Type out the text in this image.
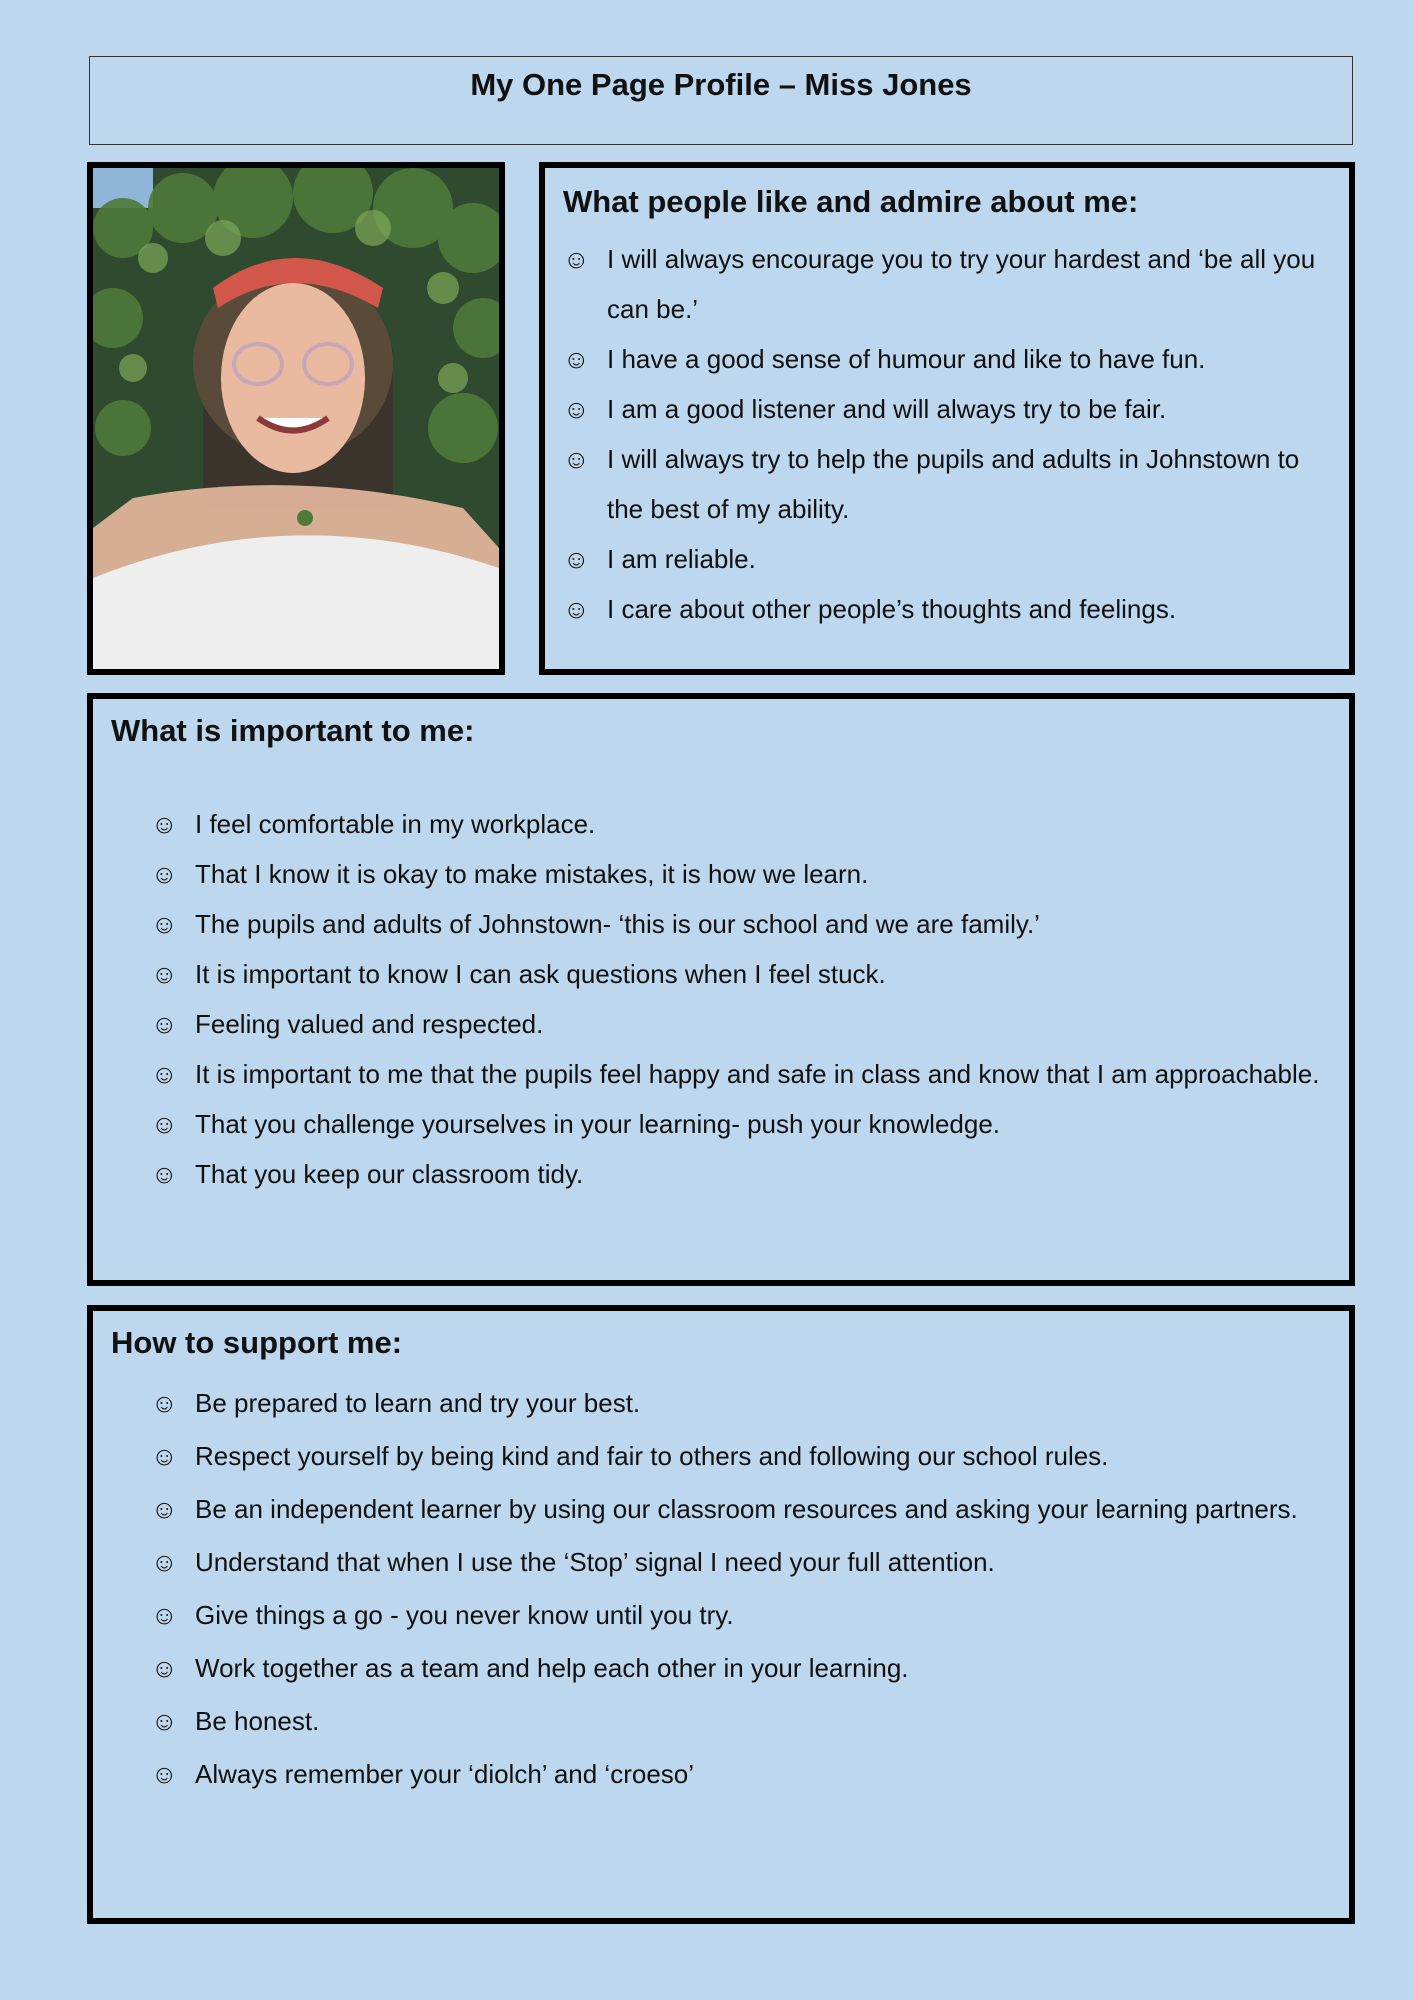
My One Page Profile – Miss Jones
What people like and admire about me:
☺ I will always encourage you to try your hardest and ‘be all you can be.’
☺ I have a good sense of humour and like to have fun.
☺ I am a good listener and will always try to be fair.
☺ I will always try to help the pupils and adults in Johnstown to the best of my ability.
☺ I am reliable.
☺ I care about other people’s thoughts and feelings.
What is important to me:
☺ I feel comfortable in my workplace.
☺ That I know it is okay to make mistakes, it is how we learn.
☺ The pupils and adults of Johnstown- ‘this is our school and we are family.’
☺ It is important to know I can ask questions when I feel stuck.
☺ Feeling valued and respected.
☺ It is important to me that the pupils feel happy and safe in class and know that I am approachable.
☺ That you challenge yourselves in your learning- push your knowledge.
☺ That you keep our classroom tidy.
How to support me:
☺ Be prepared to learn and try your best.
☺ Respect yourself by being kind and fair to others and following our school rules.
☺ Be an independent learner by using our classroom resources and asking your learning partners.
☺ Understand that when I use the ‘Stop’ signal I need your full attention.
☺ Give things a go - you never know until you try.
☺ Work together as a team and help each other in your learning.
☺ Be honest.
☺ Always remember your ‘diolch’ and ‘croeso’
